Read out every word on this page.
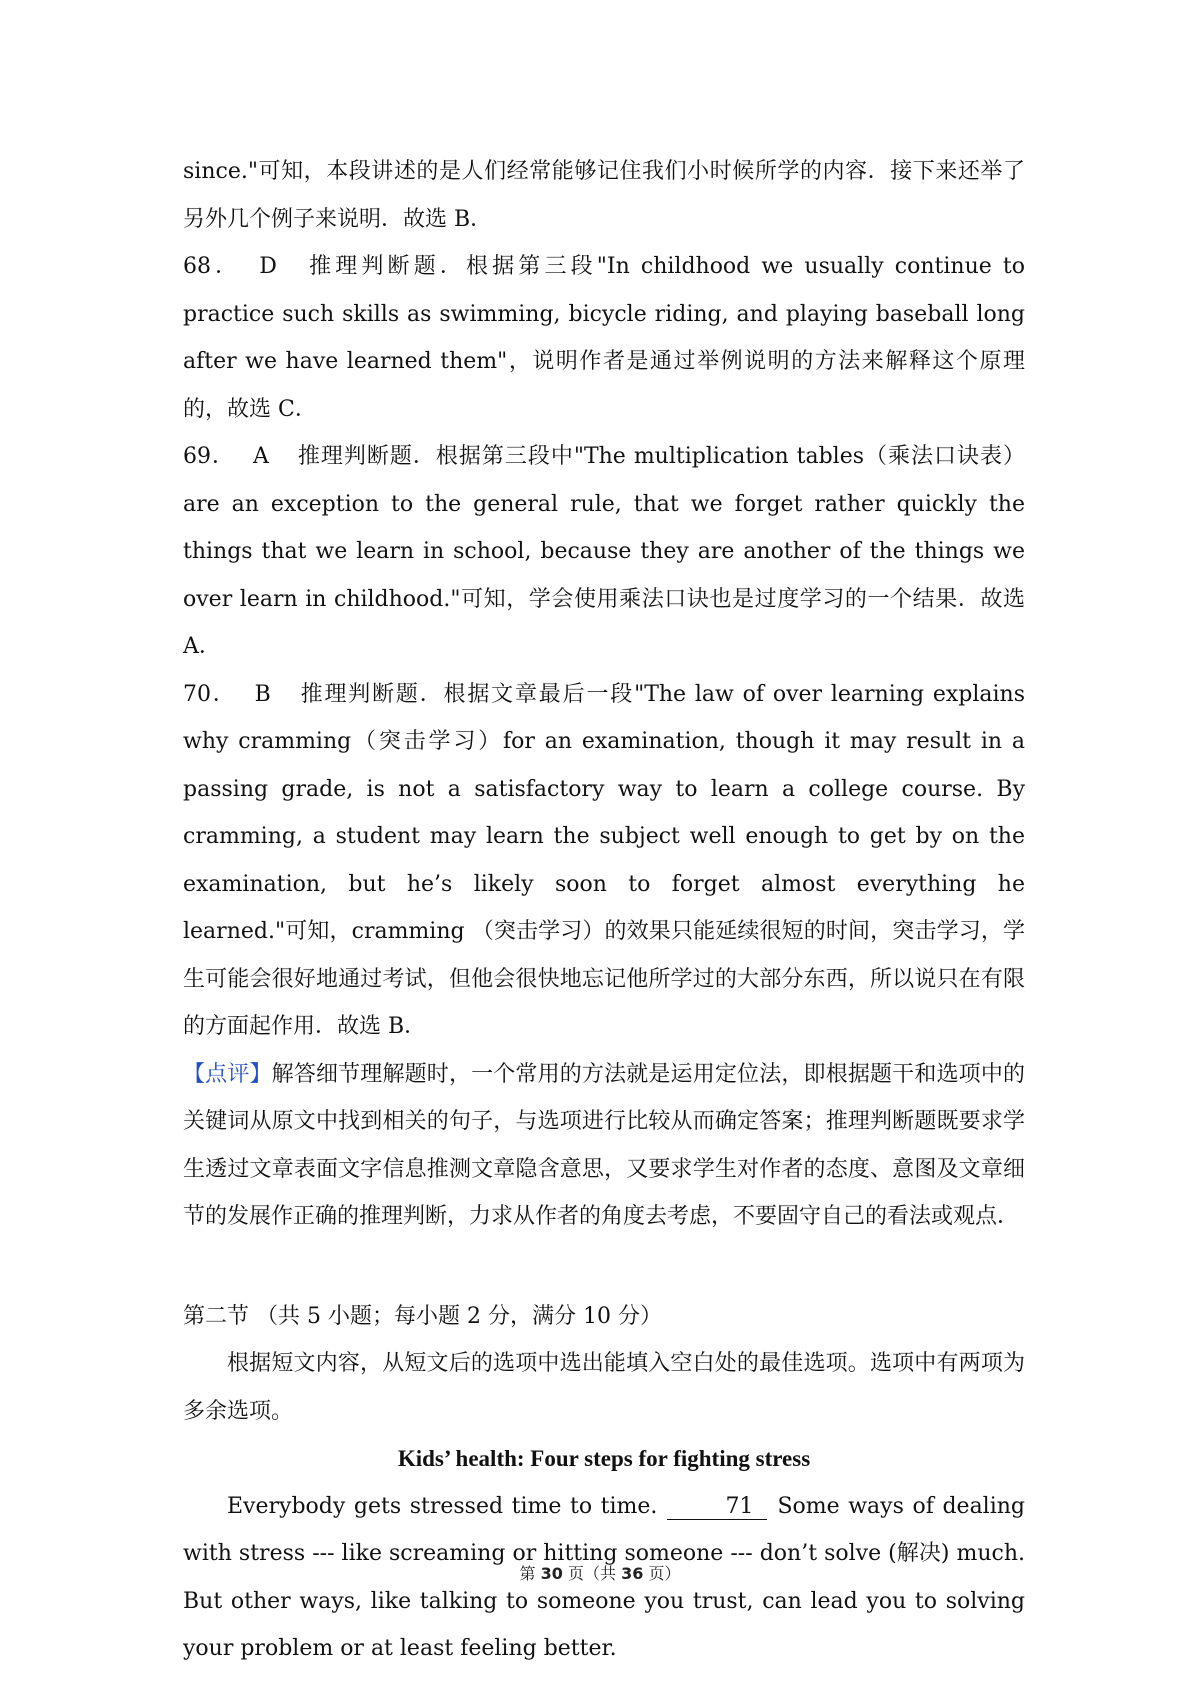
since."可知，本段讲述的是人们经常能够记住我们小时候所学的内容．接下来还举了另外几个例子来说明．故选 B．

68． D 推理判断题．根据第三段"In childhood we usually continue to practice such skills as swimming, bicycle riding, and playing baseball long after we have learned them"，说明作者是通过举例说明的方法来解释这个原理的，故选 C．

69． A 推理判断题．根据第三段中"The multiplication tables（乘法口诀表）are an exception to the general rule, that we forget rather quickly the things that we learn in school, because they are another of the things we over learn in childhood."可知，学会使用乘法口诀也是过度学习的一个结果．故选 A．

70． B 推理判断题．根据文章最后一段"The law of over learning explains why cramming（突击学习）for an examination, though it may result in a passing grade, is not a satisfactory way to learn a college course. By cramming, a student may learn the subject well enough to get by on the examination, but he’s likely soon to forget almost everything he learned."可知，cramming （突击学习）的效果只能延续很短的时间，突击学习，学生可能会很好地通过考试，但他会很快地忘记他所学过的大部分东西，所以说只在有限的方面起作用．故选 B．

【点评】解答细节理解题时，一个常用的方法就是运用定位法，即根据题干和选项中的关键词从原文中找到相关的句子，与选项进行比较从而确定答案；推理判断题既要求学生透过文章表面文字信息推测文章隐含意思，又要求学生对作者的态度、意图及文章细节的发展作正确的推理判断，力求从作者的角度去考虑，不要固守自己的看法或观点．

第二节 （共 5 小题；每小题 2 分，满分 10 分）

根据短文内容，从短文后的选项中选出能填入空白处的最佳选项。选项中有两项为多余选项。

Kids’ health: Four steps for fighting stress

Everybody gets stressed time to time.	71 Some ways of dealing with stress --- like screaming or hitting someone --- don’t solve (解决) much. But other ways, like talking to someone you trust, can lead you to solving your problem or at least feeling better.

第 30 页（共 36 页）
